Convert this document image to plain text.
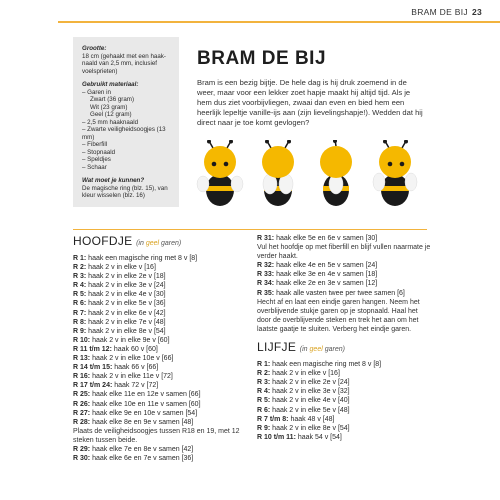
BRAM DE BIJ 23
Grootte:
18 cm (gehaakt met een haak-naald van 2,5 mm, inclusief voelsprieten)
Gebruikt materiaal:
– Garen in
Zwart (36 gram)
Wit (23 gram)
Geel (12 gram)
– 2,5 mm haaknaald
– Zwarte veiligheidsoogjes (13 mm)
– Fiberfill
– Stopnaald
– Speldjes
– Schaar
Wat moet je kunnen?
De magische ring (blz. 15), van kleur wisselen (blz. 16)
BRAM DE BIJ
Bram is een bezig bijtje. De hele dag is hij druk zoemend in de weer, maar voor een lekker zoet hapje maakt hij altijd tijd. Als je hem dus ziet voorbijvliegen, zwaai dan even en bied hem een heerlijk lepeltje vanille-ijs aan (zijn lievelingshapje!). Wedden dat hij direct naar je toe komt gevlogen?
HOOFDJE (in geel garen)
R 1: haak een magische ring met 8 v [8]
R 2: haak 2 v in elke v [16]
R 3: haak 2 v in elke 2e v [18]
R 4: haak 2 v in elke 3e v [24]
R 5: haak 2 v in elke 4e v [30]
R 6: haak 2 v in elke 5e v [36]
R 7: haak 2 v in elke 6e v [42]
R 8: haak 2 v in elke 7e v [48]
R 9: haak 2 v in elke 8e v [54]
R 10: haak 2 v in elke 9e v [60]
R 11 t/m 12: haak 60 v [60]
R 13: haak 2 v in elke 10e v [66]
R 14 t/m 15: haak 66 v [66]
R 16: haak 2 v in elke 11e v [72]
R 17 t/m 24: haak 72 v [72]
R 25: haak elke 11e en 12e v samen [66]
R 26: haak elke 10e en 11e v samen [60]
R 27: haak elke 9e en 10e v samen [54]
R 28: haak elke 8e en 9e v samen [48]
Plaats de veiligheidsoogjes tussen R18 en 19, met 12 steken tussen beide.
R 29: haak elke 7e en 8e v samen [42]
R 30: haak elke 6e en 7e v samen [36]
R 31: haak elke 5e en 6e v samen [30]
Vul het hoofdje op met fiberfill en blijf vullen naarmate je verder haakt.
R 32: haak elke 4e en 5e v samen [24]
R 33: haak elke 3e en 4e v samen [18]
R 34: haak elke 2e en 3e v samen [12]
R 35: haak alle vasten twee per twee samen [6]
Hecht af en laat een eindje garen hangen. Neem het overblijvende stukje garen op je stopnaald. Haal het door de overblijvende steken en trek het aan om het laatste gaatje te sluiten. Verberg het eindje garen.
LIJFJE (in geel garen)
R 1: haak een magische ring met 8 v [8]
R 2: haak 2 v in elke v [16]
R 3: haak 2 v in elke 2e v [24]
R 4: haak 2 v in elke 3e v [32]
R 5: haak 2 v in elke 4e v [40]
R 6: haak 2 v in elke 5e v [48]
R 7 t/m 8: haak 48 v [48]
R 9: haak 2 v in elke 8e v [54]
R 10 t/m 11: haak 54 v [54]
